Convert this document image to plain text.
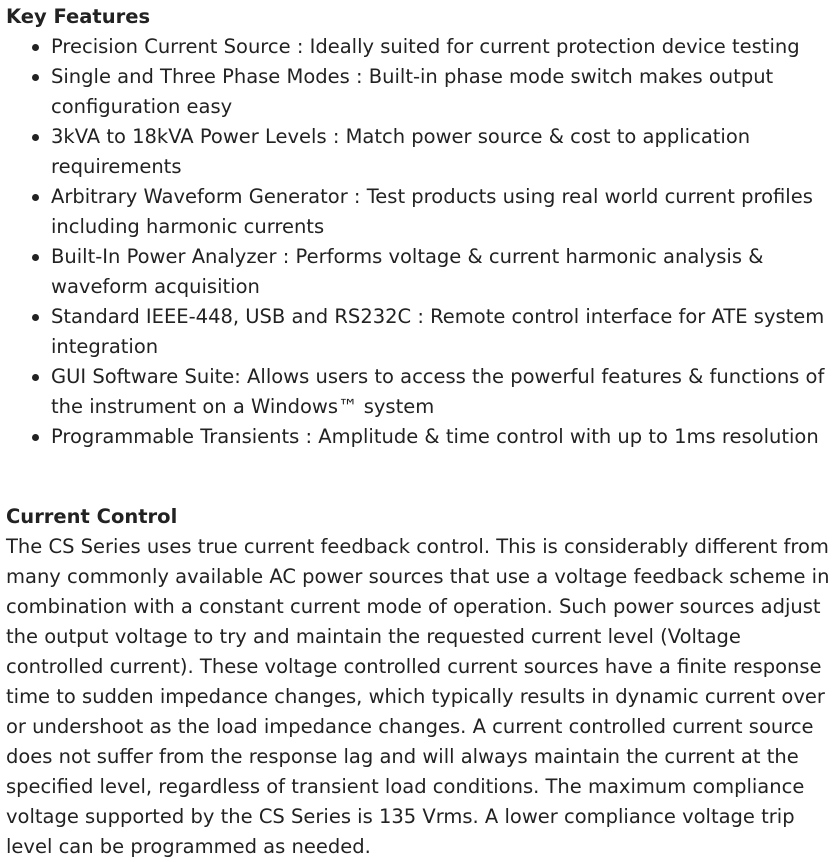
Key Features
Precision Current Source : Ideally suited for current protection device testing
Single and Three Phase Modes : Built-in phase mode switch makes output configuration easy
3kVA to 18kVA Power Levels : Match power source & cost to application requirements
Arbitrary Waveform Generator : Test products using real world current profiles including harmonic currents
Built-In Power Analyzer : Performs voltage & current harmonic analysis & waveform acquisition
Standard IEEE-448, USB and RS232C : Remote control interface for ATE system integration
GUI Software Suite: Allows users to access the powerful features & functions of the instrument on a Windows™ system
Programmable Transients : Amplitude & time control with up to 1ms resolution
Current Control

The CS Series uses true current feedback control. This is considerably different from many commonly available AC power sources that use a voltage feedback scheme in combination with a constant current mode of operation. Such power sources adjust the output voltage to try and maintain the requested current level (Voltage controlled current). These voltage controlled current sources have a finite response time to sudden impedance changes, which typically results in dynamic current over or undershoot as the load impedance changes. A current controlled current source does not suffer from the response lag and will always maintain the current at the specified level, regardless of transient load conditions. The maximum compliance voltage supported by the CS Series is 135 Vrms. A lower compliance voltage trip level can be programmed as needed.
